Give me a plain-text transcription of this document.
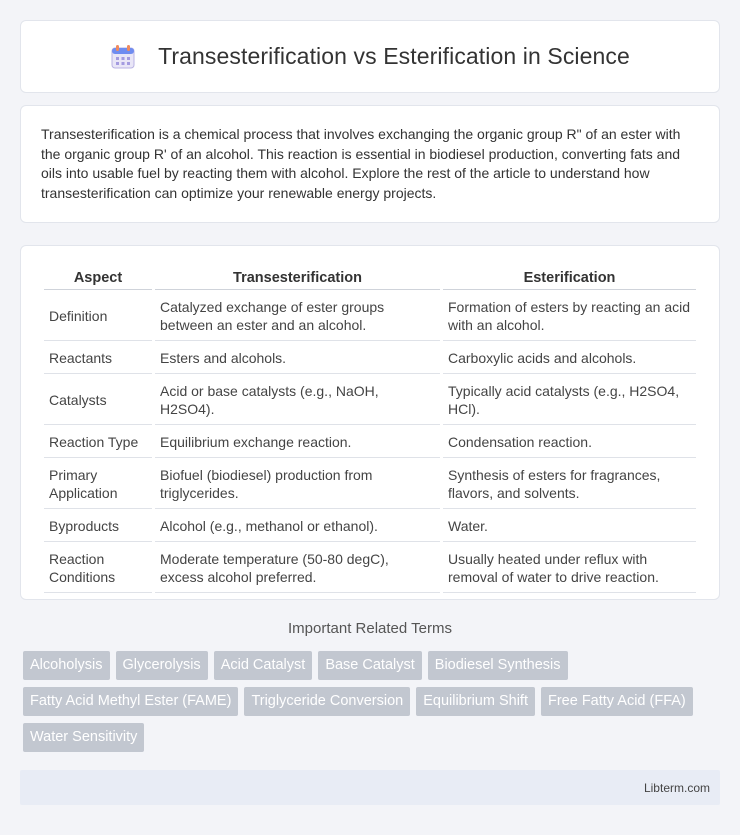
Transesterification vs Esterification in Science

Transesterification is a chemical process that involves exchanging the organic group R" of an ester with the organic group R' of an alcohol. This reaction is essential in biodiesel production, converting fats and oils into usable fuel by reacting them with alcohol. Explore the rest of the article to understand how transesterification can optimize your renewable energy projects.

Aspect	Transesterification	Esterification
Definition	Catalyzed exchange of ester groups between an ester and an alcohol.	Formation of esters by reacting an acid with an alcohol.
Reactants	Esters and alcohols.	Carboxylic acids and alcohols.
Catalysts	Acid or base catalysts (e.g., NaOH, H2SO4).	Typically acid catalysts (e.g., H2SO4, HCl).
Reaction Type	Equilibrium exchange reaction.	Condensation reaction.
Primary Application	Biofuel (biodiesel) production from triglycerides.	Synthesis of esters for fragrances, flavors, and solvents.
Byproducts	Alcohol (e.g., methanol or ethanol).	Water.
Reaction Conditions	Moderate temperature (50-80 degC), excess alcohol preferred.	Usually heated under reflux with removal of water to drive reaction.
Important Related Terms
Alcoholysis	Glycerolysis	Acid Catalyst	Base Catalyst	Biodiesel Synthesis
Fatty Acid Methyl Ester (FAME)	Triglyceride Conversion	Equilibrium Shift	Free Fatty Acid (FFA)
Water Sensitivity
Libterm.com
